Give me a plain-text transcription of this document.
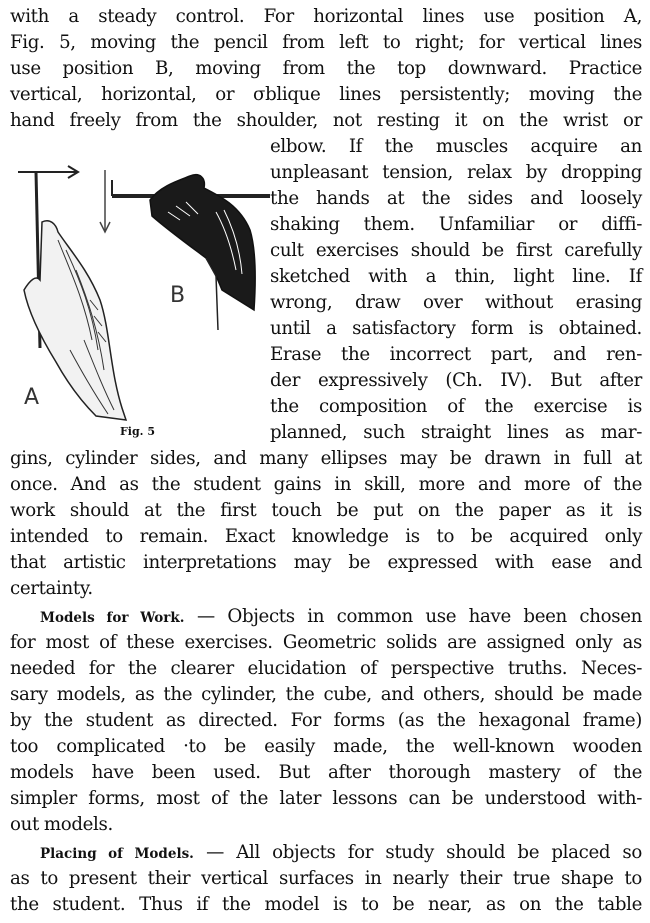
with a steady control. For horizontal lines use position A,
Fig. 5, moving the pencil from left to right; for vertical lines
use position B, moving from the top downward. Practice
vertical, horizontal, or σblique lines persistently; moving the
hand freely from the shoulder, not resting it on the wrist or
A
B
Fig. 5
elbow. If the muscles acquire an
unpleasant tension, relax by dropping
the hands at the sides and loosely
shaking them. Unfamiliar or diffi-
cult exercises should be first carefully
sketched with a thin, light line. If
wrong, draw over without erasing
until a satisfactory form is obtained.
Erase the incorrect part, and ren-
der expressively (Ch. IV). But after
the composition of the exercise is
planned, such straight lines as mar-
gins, cylinder sides, and many ellipses may be drawn in full at
once. And as the student gains in skill, more and more of the
work should at the first touch be put on the paper as it is
intended to remain. Exact knowledge is to be acquired only
that artistic interpretations may be expressed with ease and
certainty.
Models for Work. — Objects in common use have been chosen
for most of these exercises. Geometric solids are assigned only as
needed for the clearer elucidation of perspective truths. Neces-
sary models, as the cylinder, the cube, and others, should be made
by the student as directed. For forms (as the hexagonal frame)
too complicated ·to be easily made, the well-known wooden
models have been used. But after thorough mastery of the
simpler forms, most of the later lessons can be understood with-
out models.
Placing of Models. — All objects for study should be placed so
as to present their vertical surfaces in nearly their true shape to
the student. Thus if the model is to be near, as on the table
